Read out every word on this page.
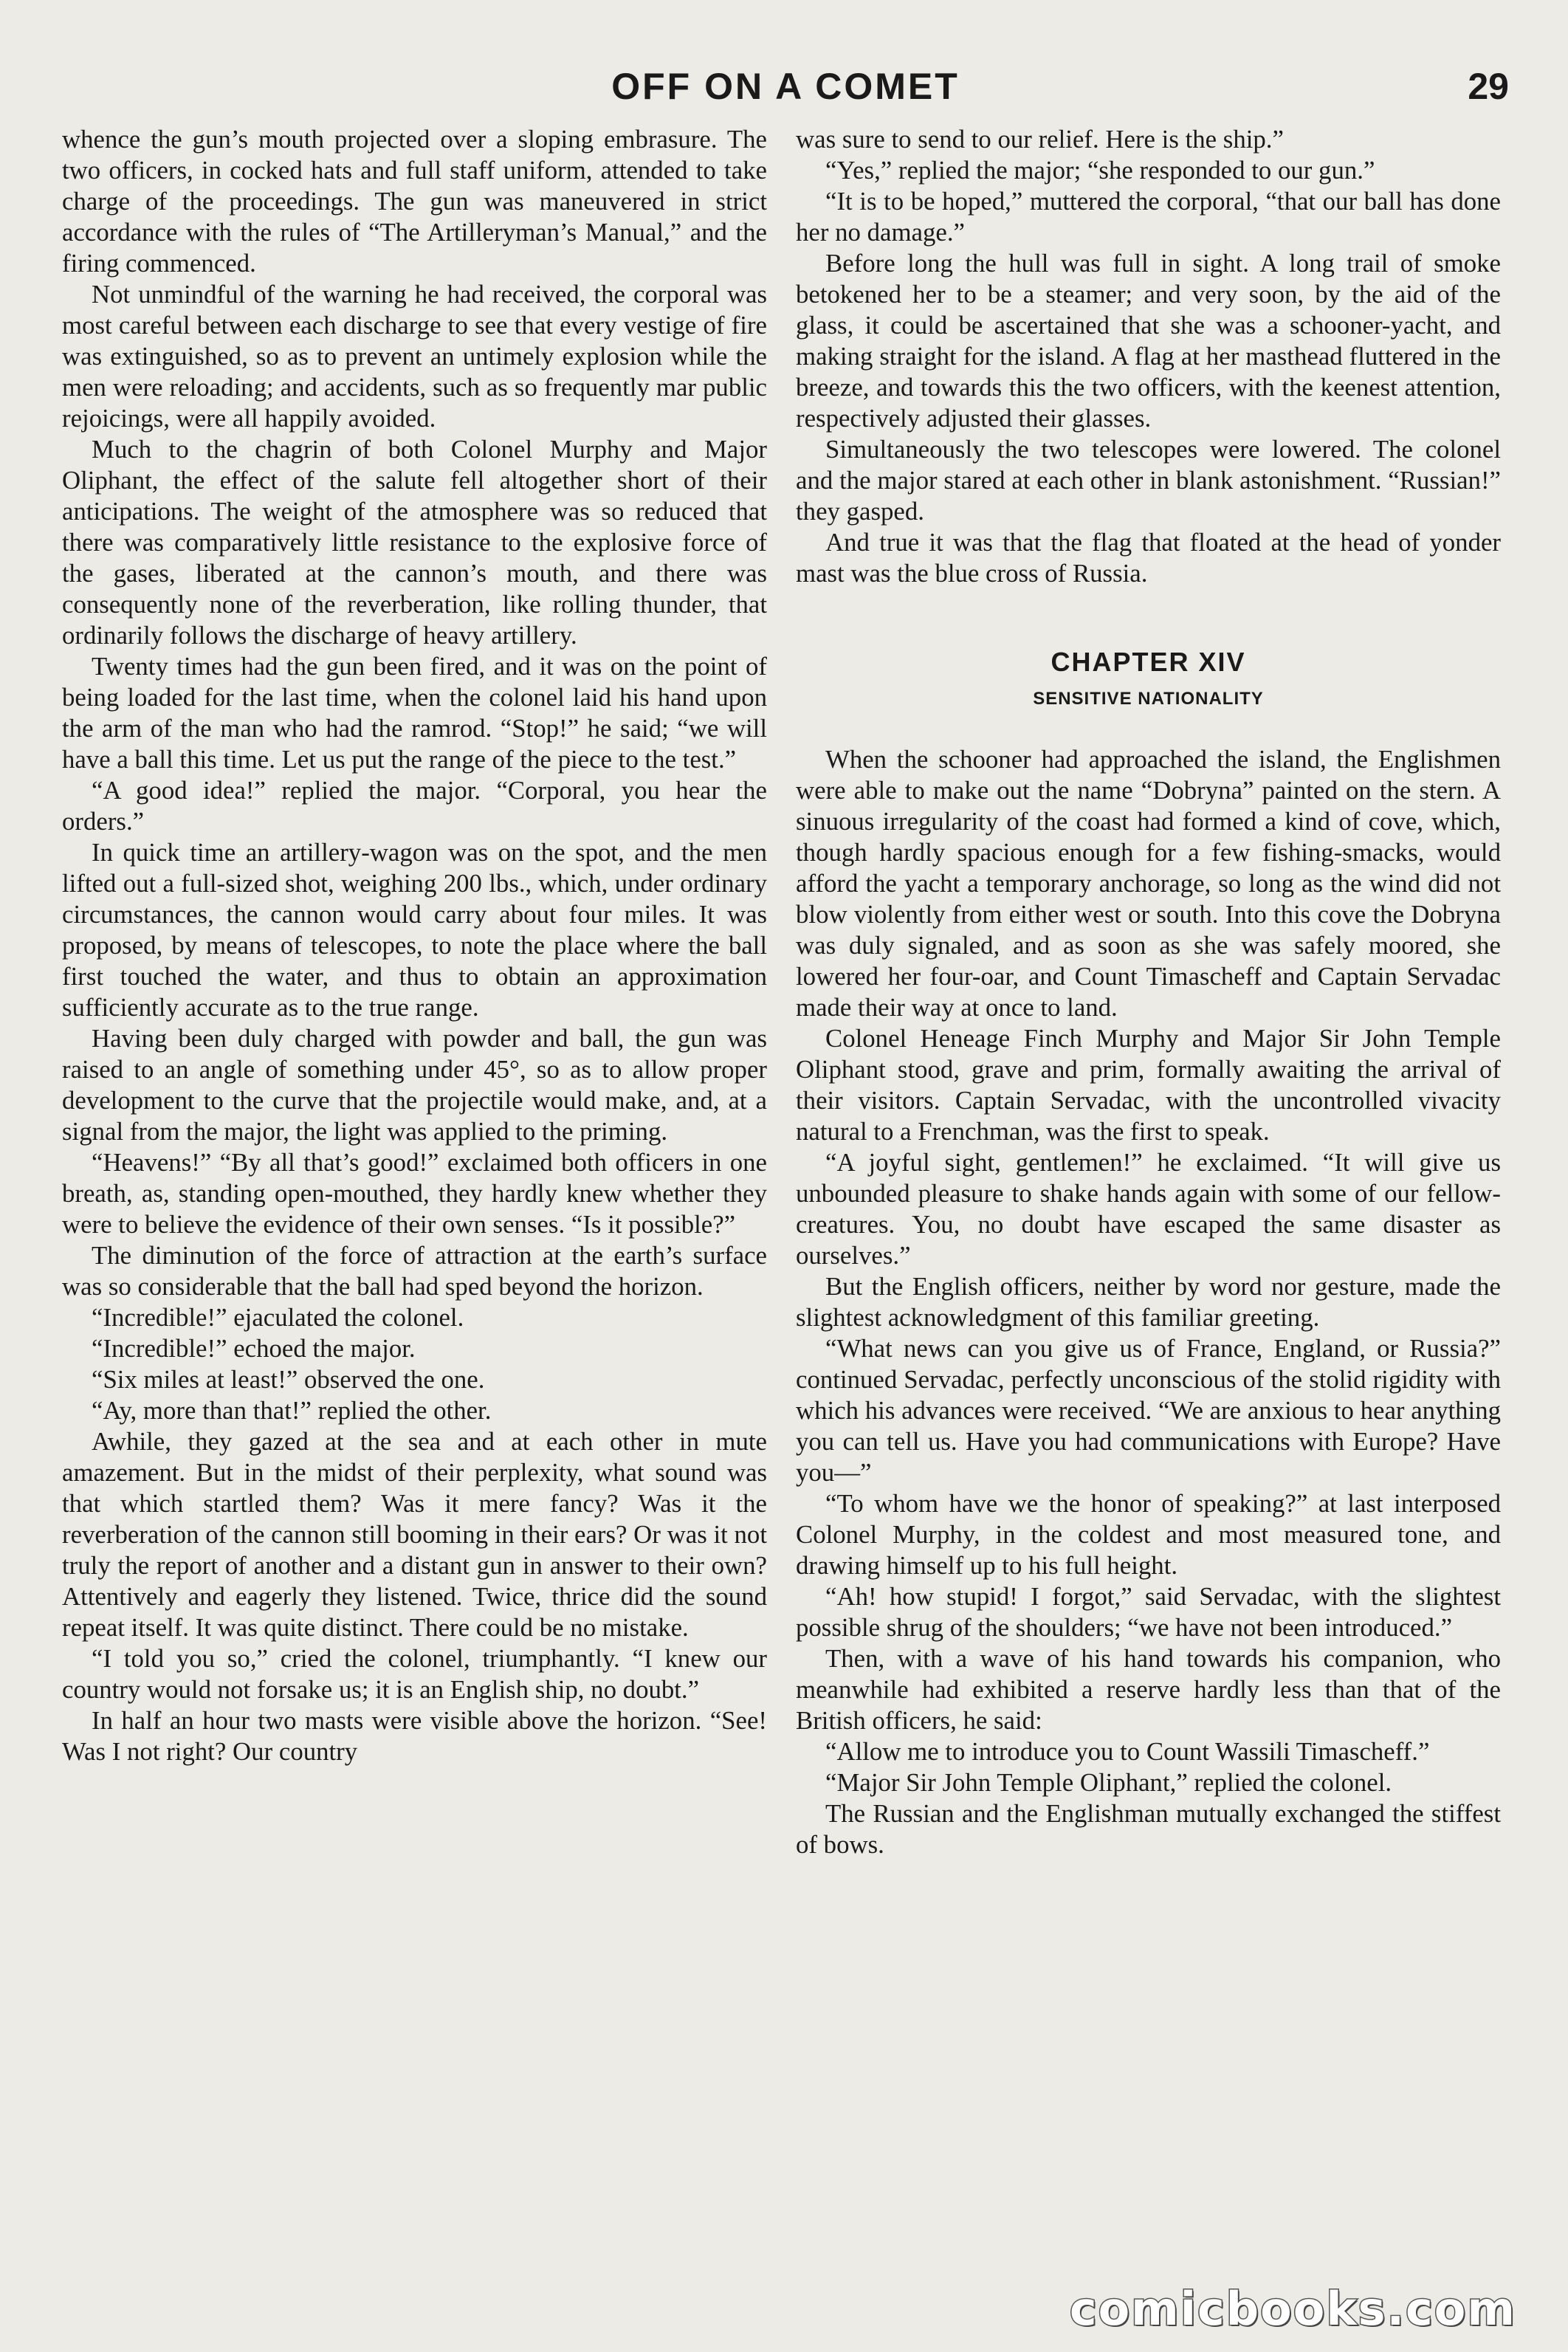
OFF ON A COMET	29

whence the gun’s mouth projected over a sloping embrasure. The two officers, in cocked hats and full staff uniform, attended to take charge of the proceedings. The gun was maneuvered in strict accordance with the rules of “The Artilleryman’s Manual,” and the firing commenced.

Not unmindful of the warning he had received, the corporal was most careful between each discharge to see that every vestige of fire was extinguished, so as to prevent an untimely explosion while the men were reloading; and accidents, such as so frequently mar public rejoicings, were all happily avoided.

Much to the chagrin of both Colonel Murphy and Major Oliphant, the effect of the salute fell altogether short of their anticipations. The weight of the atmosphere was so reduced that there was comparatively little resistance to the explosive force of the gases, liberated at the cannon’s mouth, and there was consequently none of the reverberation, like rolling thunder, that ordinarily follows the discharge of heavy artillery.

Twenty times had the gun been fired, and it was on the point of being loaded for the last time, when the colonel laid his hand upon the arm of the man who had the ramrod. “Stop!” he said; “we will have a ball this time. Let us put the range of the piece to the test.”

“A good idea!” replied the major. “Corporal, you hear the orders.”

In quick time an artillery-wagon was on the spot, and the men lifted out a full-sized shot, weighing 200 lbs., which, under ordinary circumstances, the cannon would carry about four miles. It was proposed, by means of telescopes, to note the place where the ball first touched the water, and thus to obtain an approximation sufficiently accurate as to the true range.

Having been duly charged with powder and ball, the gun was raised to an angle of something under 45°, so as to allow proper development to the curve that the projectile would make, and, at a signal from the major, the light was applied to the priming.

“Heavens!” “By all that’s good!” exclaimed both officers in one breath, as, standing open-mouthed, they hardly knew whether they were to believe the evidence of their own senses. “Is it possible?”

The diminution of the force of attraction at the earth’s surface was so considerable that the ball had sped beyond the horizon.

“Incredible!” ejaculated the colonel.

“Incredible!” echoed the major.

“Six miles at least!” observed the one.

“Ay, more than that!” replied the other.

Awhile, they gazed at the sea and at each other in mute amazement. But in the midst of their perplexity, what sound was that which startled them? Was it mere fancy? Was it the reverberation of the cannon still booming in their ears? Or was it not truly the report of another and a distant gun in answer to their own? Attentively and eagerly they listened. Twice, thrice did the sound repeat itself. It was quite distinct. There could be no mistake.

“I told you so,” cried the colonel, triumphantly. “I knew our country would not forsake us; it is an English ship, no doubt.”

In half an hour two masts were visible above the horizon. “See! Was I not right? Our country

was sure to send to our relief. Here is the ship.”

“Yes,” replied the major; “she responded to our gun.”

“It is to be hoped,” muttered the corporal, “that our ball has done her no damage.”

Before long the hull was full in sight. A long trail of smoke betokened her to be a steamer; and very soon, by the aid of the glass, it could be ascertained that she was a schooner-yacht, and making straight for the island. A flag at her masthead fluttered in the breeze, and towards this the two officers, with the keenest attention, respectively adjusted their glasses.

Simultaneously the two telescopes were lowered. The colonel and the major stared at each other in blank astonishment. “Russian!” they gasped.

And true it was that the flag that floated at the head of yonder mast was the blue cross of Russia.

CHAPTER XIV
SENSITIVE NATIONALITY

When the schooner had approached the island, the Englishmen were able to make out the name “Dobryna” painted on the stern. A sinuous irregularity of the coast had formed a kind of cove, which, though hardly spacious enough for a few fishing-smacks, would afford the yacht a temporary anchorage, so long as the wind did not blow violently from either west or south. Into this cove the Dobryna was duly signaled, and as soon as she was safely moored, she lowered her four-oar, and Count Timascheff and Captain Servadac made their way at once to land.

Colonel Heneage Finch Murphy and Major Sir John Temple Oliphant stood, grave and prim, formally awaiting the arrival of their visitors. Captain Servadac, with the uncontrolled vivacity natural to a Frenchman, was the first to speak.

“A joyful sight, gentlemen!” he exclaimed. “It will give us unbounded pleasure to shake hands again with some of our fellow-creatures. You, no doubt have escaped the same disaster as ourselves.”

But the English officers, neither by word nor gesture, made the slightest acknowledgment of this familiar greeting.

“What news can you give us of France, England, or Russia?” continued Servadac, perfectly unconscious of the stolid rigidity with which his advances were received. “We are anxious to hear anything you can tell us. Have you had communications with Europe? Have you—”

“To whom have we the honor of speaking?” at last interposed Colonel Murphy, in the coldest and most measured tone, and drawing himself up to his full height.

“Ah! how stupid! I forgot,” said Servadac, with the slightest possible shrug of the shoulders; “we have not been introduced.”

Then, with a wave of his hand towards his companion, who meanwhile had exhibited a reserve hardly less than that of the British officers, he said:

“Allow me to introduce you to Count Wassili Timascheff.”

“Major Sir John Temple Oliphant,” replied the colonel.

The Russian and the Englishman mutually exchanged the stiffest of bows.

comicbooks.com
